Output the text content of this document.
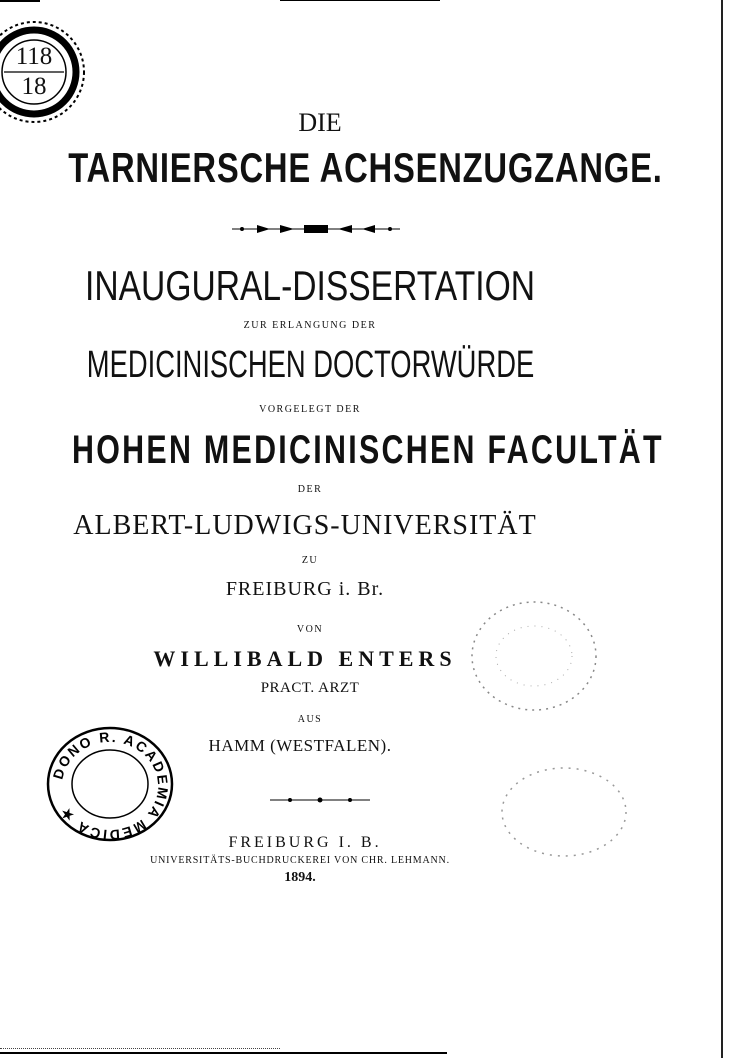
118
18
DIE
TARNIERSCHE ACHSENZUGZANGE.
INAUGURAL-DISSERTATION
ZUR ERLANGUNG DER
MEDICINISCHEN DOCTORWÜRDE
VORGELEGT DER
HOHEN MEDICINISCHEN FACULTÄT
DER
ALBERT-LUDWIGS-UNIVERSITÄT
ZU
FREIBURG i. Br.
VON
WILLIBALD ENTERS
PRACT. ARZT
AUS
HAMM (WESTFALEN).
FREIBURG I. B.
UNIVERSITÄTS-BUCHDRUCKEREI VON CHR. LEHMANN.
1894.
DONO R. ACADEMIA MEDICA ★
